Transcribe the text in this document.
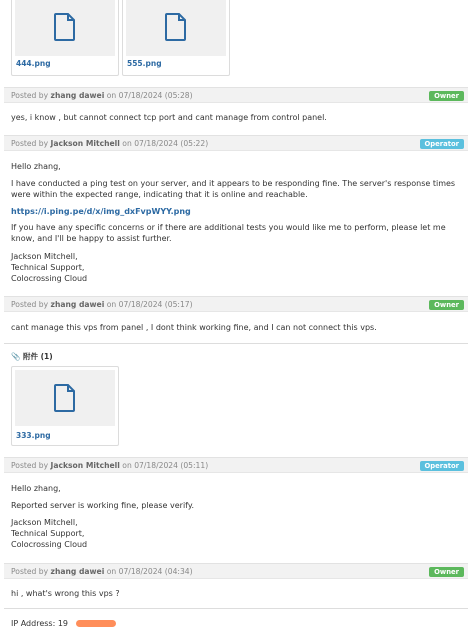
444.png	555.png
Posted by zhang dawei on 07/18/2024 (05:28)	Owner
yes, i know , but cannot connect tcp port and cant manage from control panel.
Posted by Jackson Mitchell on 07/18/2024 (05:22)	Operator
Hello zhang,
I have conducted a ping test on your server, and it appears to be responding fine. The server's response times were within the expected range, indicating that it is online and reachable.
https://i.ping.pe/d/x/img_dxFvpWYY.png
If you have any specific concerns or if there are additional tests you would like me to perform, please let me know, and I'll be happy to assist further.
Jackson Mitchell,
Technical Support,
Colocrossing Cloud
Posted by zhang dawei on 07/18/2024 (05:17)	Owner
cant manage this vps from panel , I dont think working fine, and I can not connect this vps.
📎 附件 (1)
333.png
Posted by Jackson Mitchell on 07/18/2024 (05:11)	Operator
Hello zhang,
Reported server is working fine, please verify.
Jackson Mitchell,
Technical Support,
Colocrossing Cloud
Posted by zhang dawei on 07/18/2024 (04:34)	Owner
hi , what's wrong this vps ?
IP Address: 19
